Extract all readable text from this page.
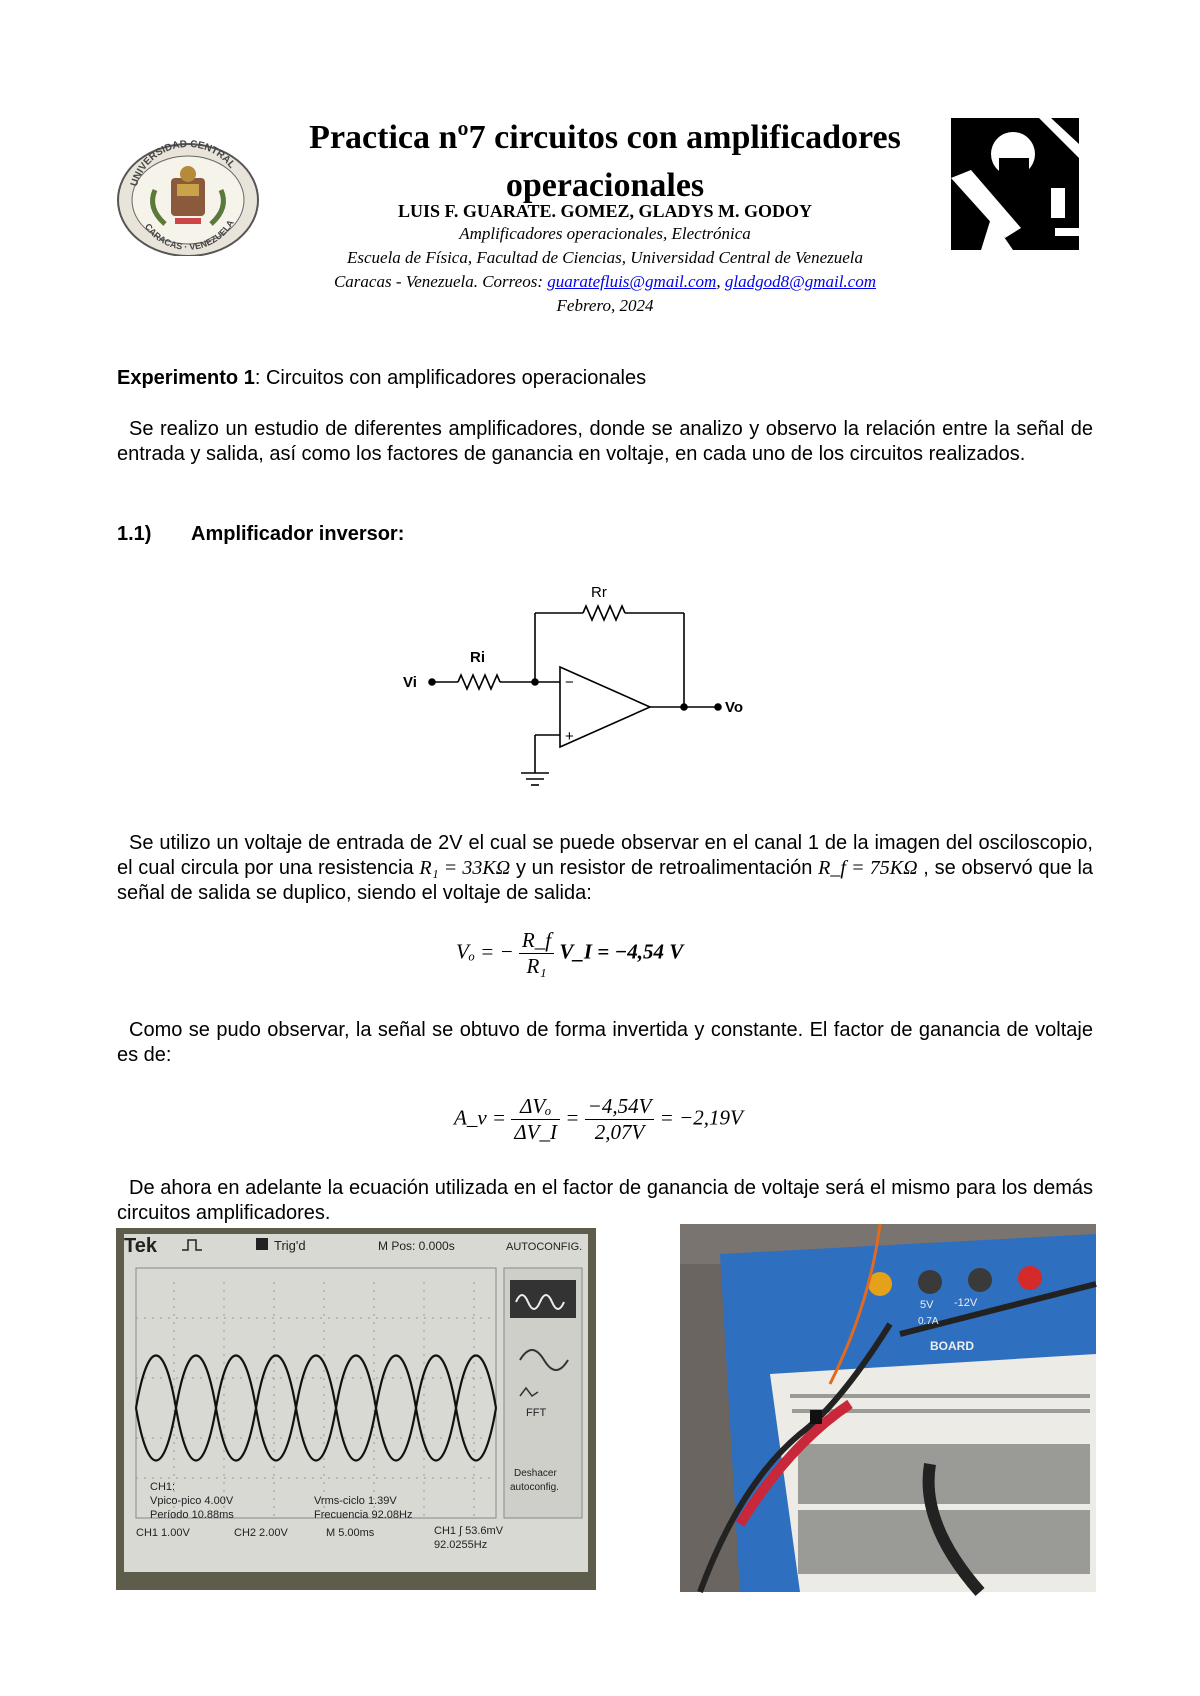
UNIVERSIDAD CENTRAL
CARACAS · VENEZUELA
Practica nº7 circuitos con amplificadores operacionales
LUIS F. GUARATE. GOMEZ, GLADYS M. GODOY
Amplificadores operacionales, Electrónica
Escuela de Física, Facultad de Ciencias, Universidad Central de Venezuela
Caracas - Venezuela. Correos: guaratefluis@gmail.com, gladgod8@gmail.com
Febrero, 2024
Experimento 1: Circuitos con amplificadores operacionales
Se realizo un estudio de diferentes amplificadores, donde se analizo y observo la relación entre la señal de entrada y salida, así como los factores de ganancia en voltaje, en cada uno de los circuitos realizados.
1.1) Amplificador inversor:
Rr
Ri
Vi
Vo
−
+
Se utilizo un voltaje de entrada de 2V el cual se puede observar en el canal 1 de la imagen del osciloscopio, el cual circula por una resistencia R₁ = 33KΩ y un resistor de retroalimentación R_f = 75KΩ , se observó que la señal de salida se duplico, siendo el voltaje de salida:
Vₒ = − $\frac{R\_f}{\text{R₁}}$ V_I = −4,54 V
Como se pudo observar, la señal se obtuvo de forma invertida y constante. El factor de ganancia de voltaje es de:
A_v = $\frac{\text{ΔVₒ}}{\Delta V\_I} = \frac{-4,54V}{2,07V} = -2,19V$
De ahora en adelante la ecuación utilizada en el factor de ganancia de voltaje será el mismo para los demás circuitos amplificadores.
Tek	Trig'd	M Pos: 0.000s	AUTOCONFIG.
FFT
Deshacer
autoconfig.
CH1:
Vpico-pico 4.00V
Período 10.88ms
Vrms-ciclo 1.39V
Frecuencia 92.08Hz
CH1 1.00V	CH2 2.00V	M 5.00ms	CH1 ∫ 53.6mV
92.0255Hz
5V -12V
0.7A
BOARD
